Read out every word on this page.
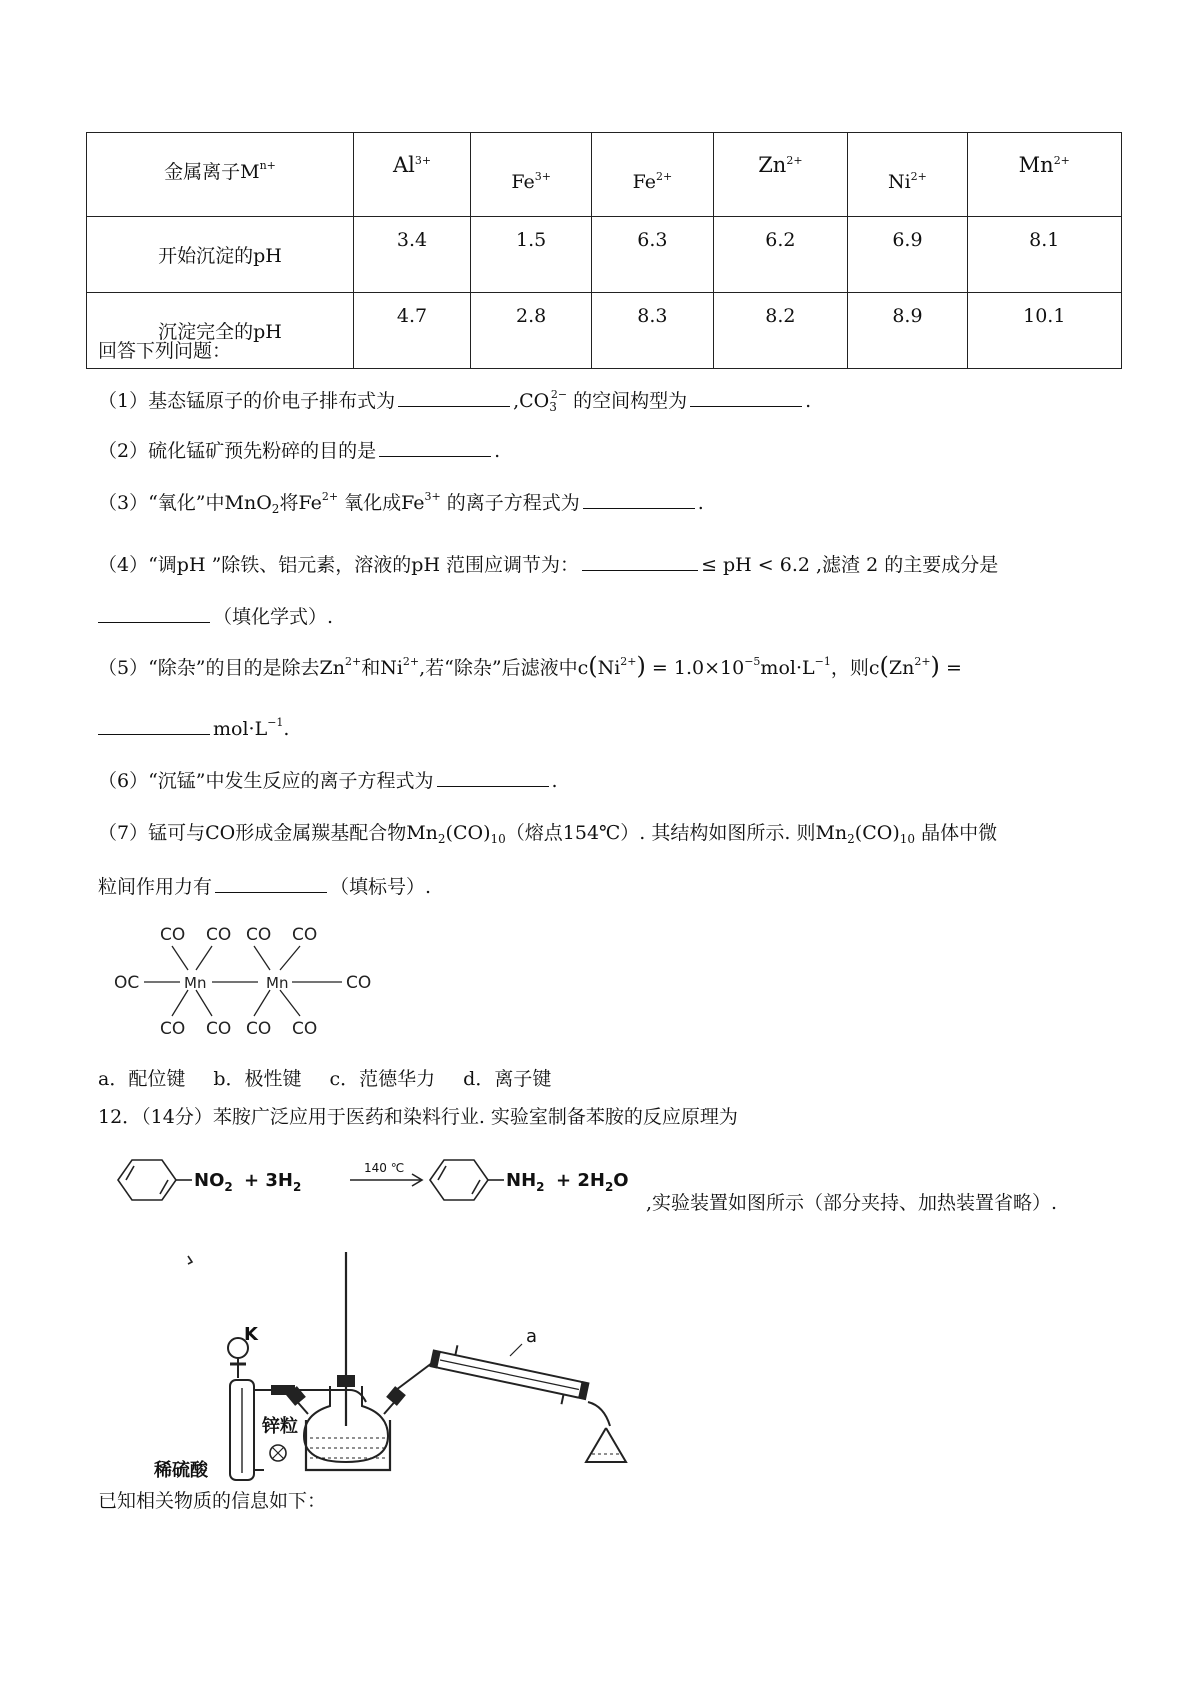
金属离子$M^{n+}$	$Al^{3+}$	$Fe^{3+}$	$Fe^{2+}$	$Zn^{2+}$	$Ni^{2+}$	$Mn^{2+}$
开始沉淀的pH	3.4	1.5	6.3	6.2	6.9	8.1
沉淀完全的pH	4.7	2.8	8.3	8.2	8.9	10.1
回答下列问题：
（1）基态锰原子的价电子排布式为	$,CO_3^{2-}$ 的空间构型为	.
（2）硫化锰矿预先粉碎的目的是	.
（3）“氧化”中MnO$_2$将$Fe^{2+}$ 氧化成$Fe^{3+}$ 的离子方程式为	.
（4）“调pH ”除铁、铝元素，溶液的pH 范围应调节为：	≤ pH < 6.2 ,滤渣 2 的主要成分是
（填化学式）.
（5）“除杂”的目的是除去$Zn^{2+}$和$Ni^{2+}$,若“除杂”后滤液中$c(Ni^{2+}) = 1.0\times 10^{-5}mol\cdot L^{-1}$，则$c(Zn^{2+})$ =
$mol\cdot L^{-1}$.
（6）“沉锰”中发生反应的离子方程式为	.
（7）锰可与CO形成金属羰基配合物$Mn_2(CO)_{10}$（熔点154℃）. 其结构如图所示. 则$Mn_2(CO)_{10}$ 晶体中微
粒间作用力有	（填标号）.
CO CO CO CO
OC	Mn	Mn	CO
CO CO CO CO
a．配位键 b．极性键 c．范德华力 d．离子键
12．（14分）苯胺广泛应用于医药和染料行业. 实验室制备苯胺的反应原理为
$NO_2 + 3H_2$
140 ℃
$NH_2 + 2H_2O$
,实验装置如图所示（部分夹持、加热装置省略）.
K	a
锌粒
稀硫酸
已知相关物质的信息如下：
